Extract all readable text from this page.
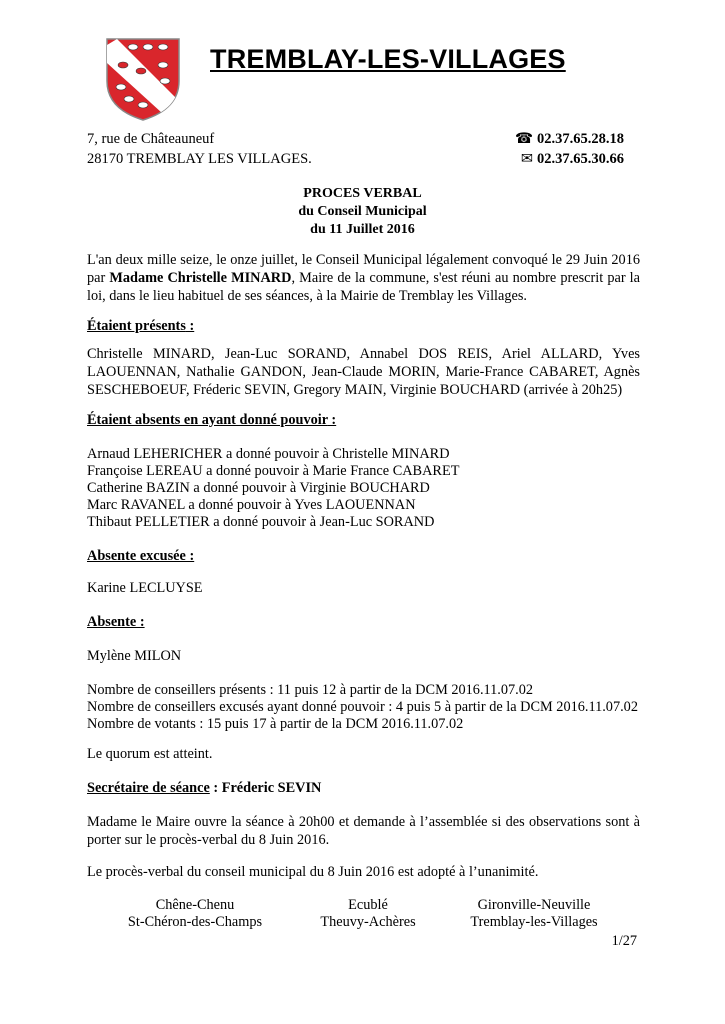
TREMBLAY-LES-VILLAGES
7, rue de Châteauneuf
28170 TREMBLAY LES VILLAGES.
☎ 02.37.65.28.18
✉ 02.37.65.30.66
PROCES VERBAL
du Conseil Municipal
du 11 Juillet 2016
L'an deux mille seize, le onze juillet, le Conseil Municipal légalement convoqué le 29 Juin 2016 par Madame Christelle MINARD, Maire de la commune, s'est réuni au nombre prescrit par la loi, dans le lieu habituel de ses séances, à la Mairie de Tremblay les Villages.
Étaient présents :
Christelle MINARD, Jean-Luc SORAND, Annabel DOS REIS, Ariel ALLARD, Yves LAOUENNAN, Nathalie GANDON, Jean-Claude MORIN, Marie-France CABARET, Agnès SESCHEBOEUF, Fréderic SEVIN, Gregory MAIN, Virginie BOUCHARD (arrivée à 20h25)
Étaient absents en ayant donné pouvoir :
Arnaud LEHERICHER a donné pouvoir à Christelle MINARD
Françoise LEREAU a donné pouvoir à Marie France CABARET
Catherine BAZIN a donné pouvoir à Virginie BOUCHARD
Marc RAVANEL a donné pouvoir à Yves LAOUENNAN
Thibaut PELLETIER a donné pouvoir à Jean-Luc SORAND
Absente excusée :
Karine LECLUYSE
Absente :
Mylène MILON
Nombre de conseillers présents : 11 puis 12 à partir de la DCM 2016.11.07.02
Nombre de conseillers excusés ayant donné pouvoir : 4 puis 5 à partir de la DCM 2016.11.07.02
Nombre de votants : 15 puis 17 à partir de la DCM 2016.11.07.02
Le quorum est atteint.
Secrétaire de séance : Fréderic SEVIN
Madame le Maire ouvre la séance à 20h00 et demande à l’assemblée si des observations sont à porter sur le procès-verbal du 8 Juin 2016.
Le procès-verbal du conseil municipal du 8 Juin 2016 est adopté à l’unanimité.
Chêne-Chenu
St-Chéron-des-Champs
Ecublé
Theuvy-Achères
Gironville-Neuville
Tremblay-les-Villages
1/27
